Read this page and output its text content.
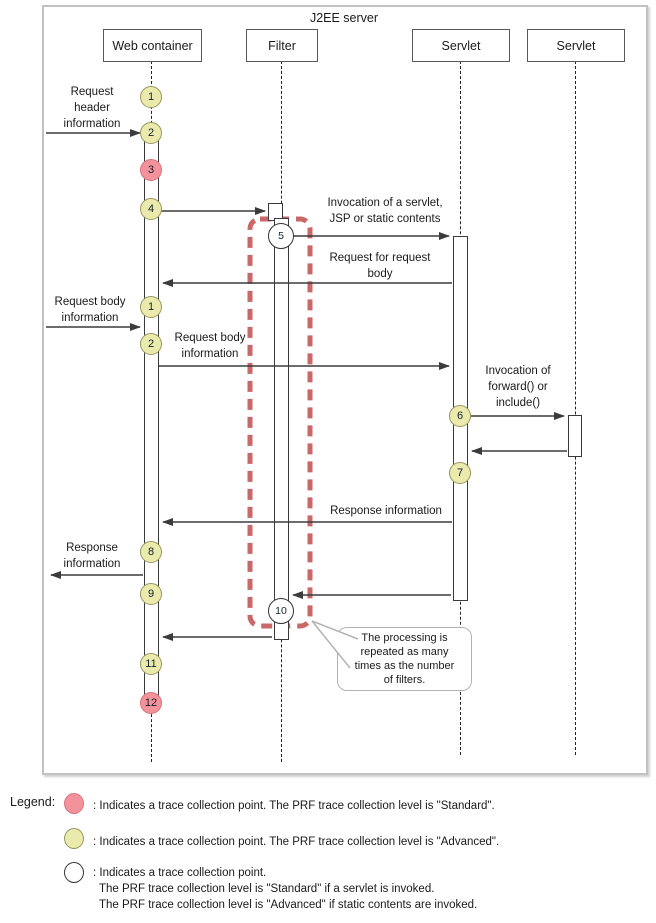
J2EE server
Web container	Filter	Servlet	Servlet
Request
header
information
Request body
information
Request body
information
Invocation of a servlet,
JSP or static contents
Request for request
body
Invocation of
forward() or
include()
Response information
Response
information
The processing is
repeated as many
times as the number
of filters.
1
2
3
4
5
1
2
6
7
8
9
10
11
12
Legend:	: Indicates a trace collection point. The PRF trace collection level is "Standard".
: Indicates a trace collection point. The PRF trace collection level is "Advanced".
: Indicates a trace collection point.
The PRF trace collection level is "Standard" if a servlet is invoked.
The PRF trace collection level is "Advanced" if static contents are invoked.
